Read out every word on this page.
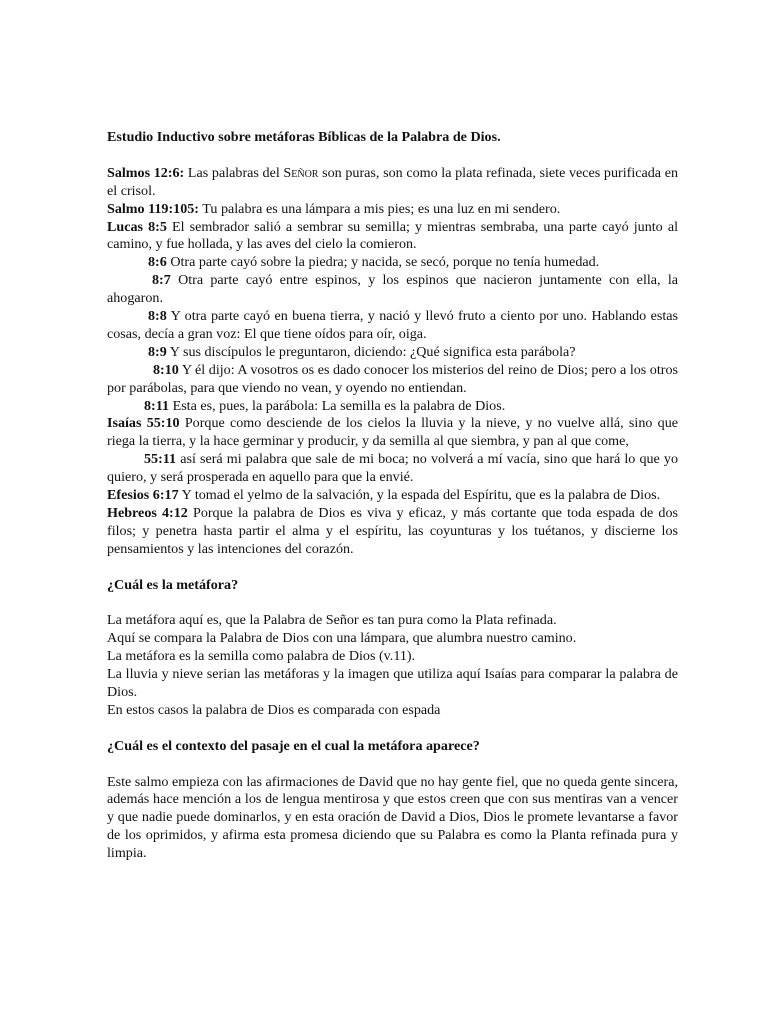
Estudio Inductivo sobre metáforas Bíblicas de la Palabra de Dios.

Salmos 12:6: Las palabras del Señor son puras, son como la plata refinada, siete veces purificada en el crisol.

Salmo 119:105: Tu palabra es una lámpara a mis pies; es una luz en mi sendero.

Lucas 8:5 El sembrador salió a sembrar su semilla; y mientras sembraba, una parte cayó junto al camino, y fue hollada, y las aves del cielo la comieron.

8:6 Otra parte cayó sobre la piedra; y nacida, se secó, porque no tenía humedad.

8:7 Otra parte cayó entre espinos, y los espinos que nacieron juntamente con ella, la ahogaron.

8:8 Y otra parte cayó en buena tierra, y nació y llevó fruto a ciento por uno. Hablando estas cosas, decía a gran voz: El que tiene oídos para oír, oiga.

8:9 Y sus discípulos le preguntaron, diciendo: ¿Qué significa esta parábola?

8:10 Y él dijo: A vosotros os es dado conocer los misterios del reino de Dios; pero a los otros por parábolas, para que viendo no vean, y oyendo no entiendan.

8:11 Esta es, pues, la parábola: La semilla es la palabra de Dios.

Isaías 55:10 Porque como desciende de los cielos la lluvia y la nieve, y no vuelve allá, sino que riega la tierra, y la hace germinar y producir, y da semilla al que siembra, y pan al que come,

55:11 así será mi palabra que sale de mi boca; no volverá a mí vacía, sino que hará lo que yo quiero, y será prosperada en aquello para que la envié.

Efesios 6:17 Y tomad el yelmo de la salvación, y la espada del Espíritu, que es la palabra de Dios.

Hebreos 4:12 Porque la palabra de Dios es viva y eficaz, y más cortante que toda espada de dos filos; y penetra hasta partir el alma y el espíritu, las coyunturas y los tuétanos, y discierne los pensamientos y las intenciones del corazón.

¿Cuál es la metáfora?

La metáfora aquí es, que la Palabra de Señor es tan pura como la Plata refinada.

Aquí se compara la Palabra de Dios con una lámpara, que alumbra nuestro camino.

La metáfora es la semilla como palabra de Dios (v.11).

La lluvia y nieve serian las metáforas y la imagen que utiliza aquí Isaías para comparar la palabra de Dios.

En estos casos la palabra de Dios es comparada con espada

¿Cuál es el contexto del pasaje en el cual la metáfora aparece?

Este salmo empieza con las afirmaciones de David que no hay gente fiel, que no queda gente sincera, además hace mención a los de lengua mentirosa y que estos creen que con sus mentiras van a vencer y que nadie puede dominarlos, y en esta oración de David a Dios, Dios le promete levantarse a favor de los oprimidos, y afirma esta promesa diciendo que su Palabra es como la Planta refinada pura y limpia.
